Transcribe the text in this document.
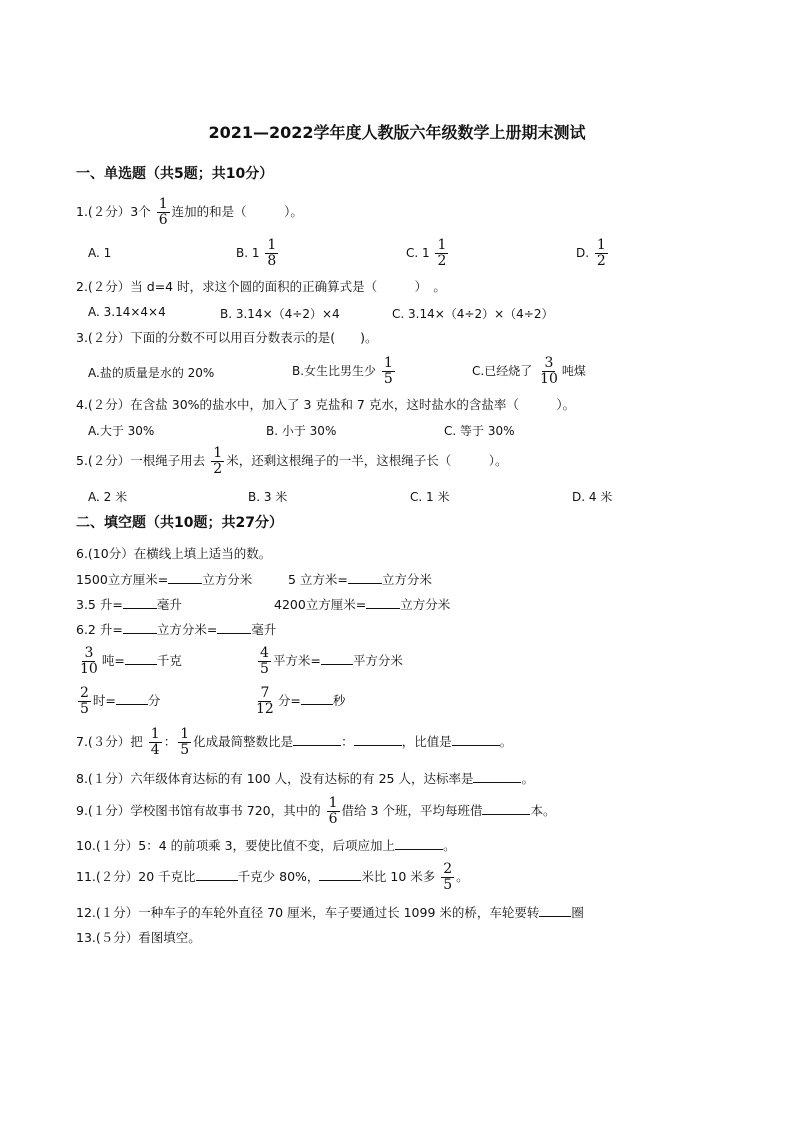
2021—2022学年度人教版六年级数学上册期末测试
一、单选题（共5题；共10分）
1.(２分）3个 $\frac{1}{6}$ 连加的和是（　　　）。
A. 1	B. $1 \frac{1}{8}$	C. $1 \frac{1}{2}$	D. $\frac{1}{2}$
2.(２分）当 d=4 时，求这个圆的面积的正确算式是（　　　）　。
A. 3.14×4×4	B. 3.14×（4÷2）×4	C. 3.14×（4÷2）×（4÷2）
3.(２分）下面的分数不可以用百分数表示的是(　　)。
A.盐的质量是水的 20%	B.女生比男生少 $\frac{1}{5}$	C.已经烧了 $\frac{3}{10}$ 吨煤
4.(２分）在含盐 30%的盐水中，加入了 3 克盐和 7 克水，这时盐水的含盐率（　　　）。
A.大于 30%	B. 小于 30%	C. 等于 30%
5.(２分）一根绳子用去 $\frac{1}{2}$ 米，还剩这根绳子的一半，这根绳子长（　　　）。
A. 2 米	B. 3 米	C. 1 米	D. 4 米
二、填空题（共10题；共27分）
6.(10分）在横线上填上适当的数。
1500立方厘米=	立方分米	5 立方米=	立方分米
3.5 升=	毫升	4200立方厘米=	立方分米
6.2 升=	立方分米=	毫升
$\frac{3}{10}$ 吨=	千克	$\frac{4}{5}$ 平方米=	平方分米
$\frac{2}{5}$ 时=	分	$\frac{7}{12}$ 分=	秒
7.(３分）把 $\frac{1}{4}$ ： $\frac{1}{5}$ 化成最简整数比是	：	，比值是	。
8.(１分）六年级体育达标的有 100 人，没有达标的有 25 人，达标率是	。
9.(１分）学校图书馆有故事书 720，其中的 $\frac{1}{6}$ 借给 3 个班，平均每班借	本。
10.(１分）5：4 的前项乘 3，要使比值不变，后项应加上	。
11.(２分）20 千克比	千克少 80%，	米比 10 米多 $\frac{2}{5}$ 。
12.(１分）一种车子的车轮外直径 70 厘米，车子要通过长 1099 米的桥，车轮要转	圈
13.(５分）看图填空。
